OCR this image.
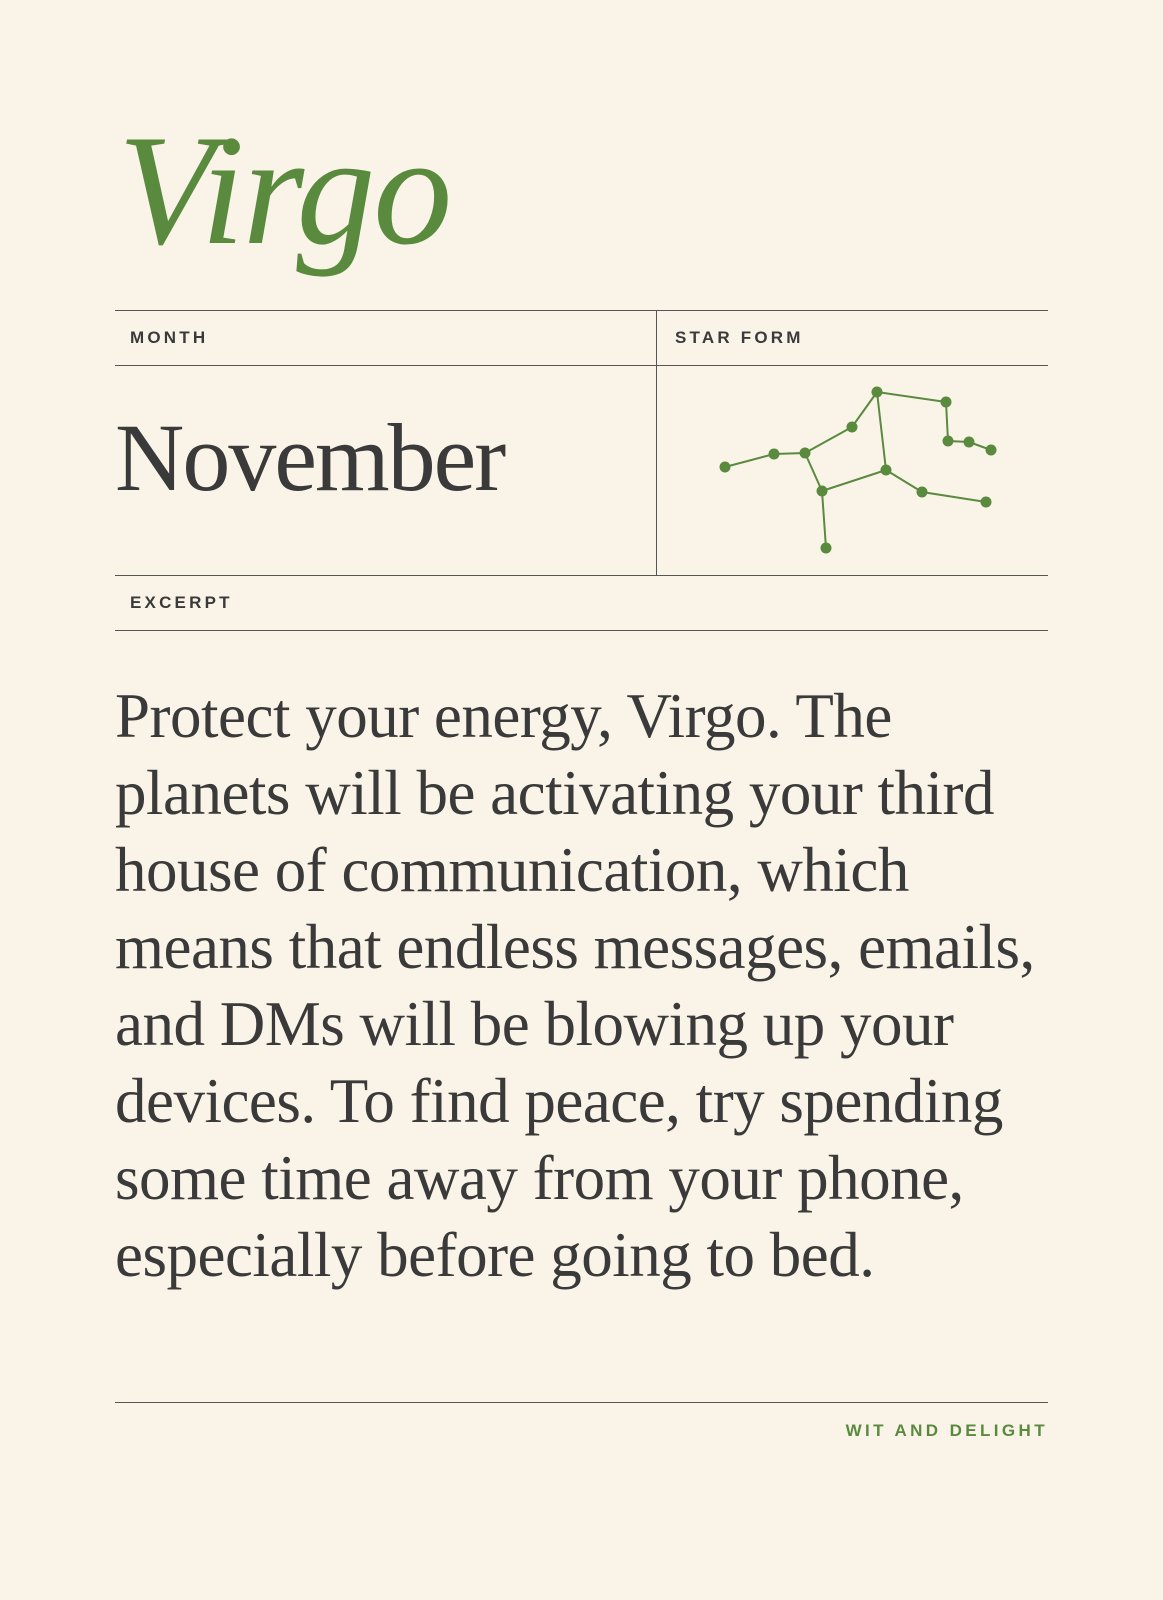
Virgo
MONTH	STAR FORM
November
EXCERPT

Protect your energy, Virgo. The planets will be activating your third house of communication, which means that endless messages, emails, and DMs will be blowing up your devices. To find peace, try spending some time away from your phone, especially before going to bed.

WIT AND DELIGHT
